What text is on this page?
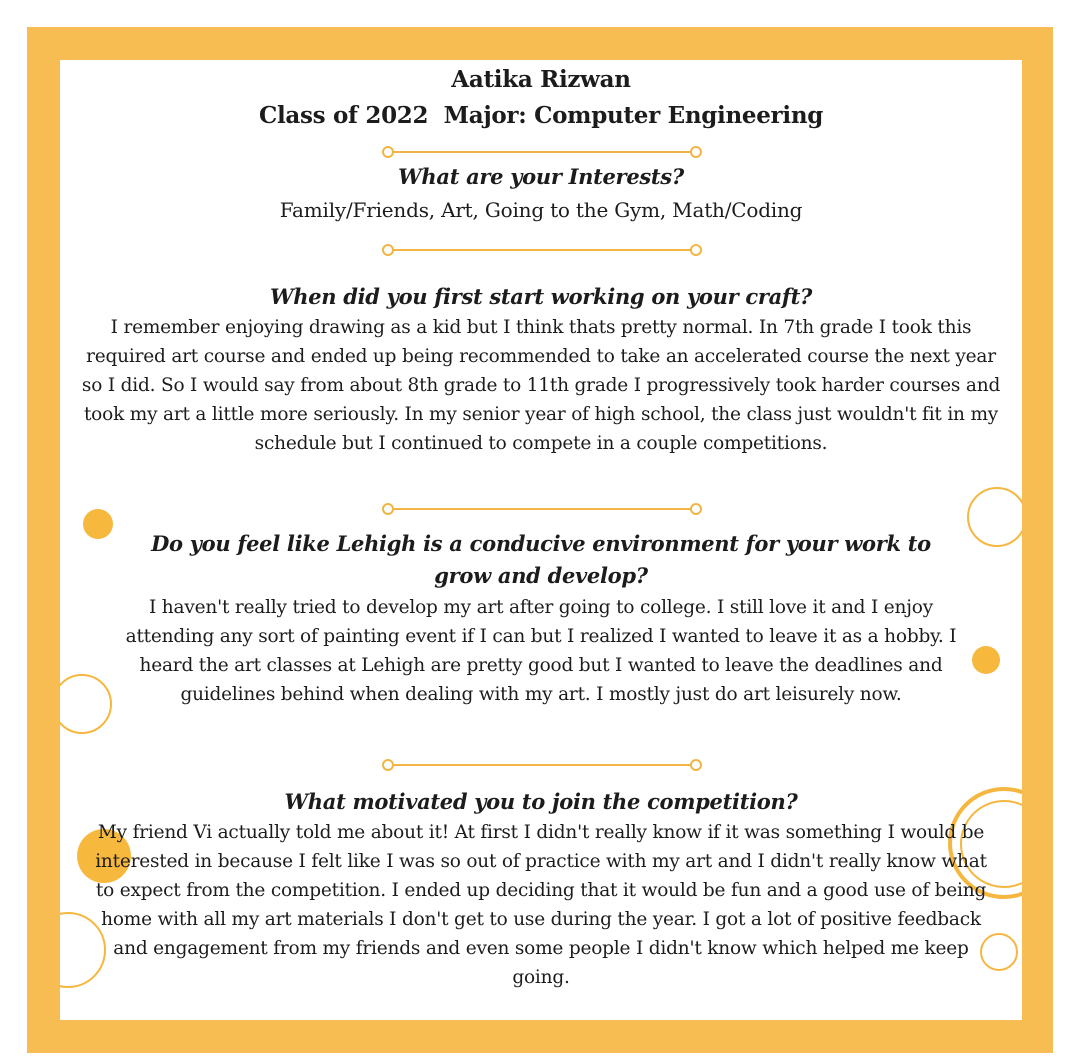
Aatika Rizwan
Class of 2022  Major: Computer Engineering
What are your Interests?
Family/Friends, Art, Going to the Gym, Math/Coding
When did you first start working on your craft?
I remember enjoying drawing as a kid but I think thats pretty normal. In 7th grade I took this required art course and ended up being recommended to take an accelerated course the next year so I did. So I would say from about 8th grade to 11th grade I progressively took harder courses and took my art a little more seriously. In my senior year of high school, the class just wouldn't fit in my schedule but I continued to compete in a couple competitions.
Do you feel like Lehigh is a conducive environment for your work to grow and develop?
I haven't really tried to develop my art after going to college. I still love it and I enjoy attending any sort of painting event if I can but I realized I wanted to leave it as a hobby. I heard the art classes at Lehigh are pretty good but I wanted to leave the deadlines and guidelines behind when dealing with my art. I mostly just do art leisurely now.
What motivated you to join the competition?
My friend Vi actually told me about it! At first I didn't really know if it was something I would be interested in because I felt like I was so out of practice with my art and I didn't really know what to expect from the competition. I ended up deciding that it would be fun and a good use of being home with all my art materials I don't get to use during the year. I got a lot of positive feedback and engagement from my friends and even some people I didn't know which helped me keep going.
